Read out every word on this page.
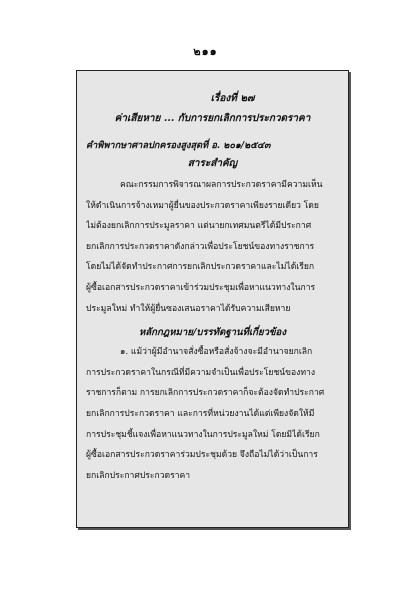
๒๑๑
เรื่องที่ ๒๗
ค่าเสียหาย ... กับการยกเลิกการประกวดราคา
คำพิพากษาศาลปกครองสูงสุดที่ อ. ๒๐๑/๒๕๔๓
สาระสำคัญ
คณะกรรมการพิจารณาผลการประกวดราคามีความเห็น
ให้ดำเนินการจ้างเหมาผู้ยื่นของประกวดราคาเพียงรายเดียว โดย
ไม่ต้องยกเลิกการประมูลราคา แต่นายกเทศมนตรีได้มีประกาศ
ยกเลิกการประกวดราคาดังกล่าวเพื่อประโยชน์ของทางราชการ
โดยไม่ได้จัดทำประกาศการยกเลิกประกวดราคาและไม่ได้เรียก
ผู้ซื้อเอกสารประกวดราคาเข้าร่วมประชุมเพื่อหาแนวทางในการ
ประมูลใหม่ ทำให้ผู้ยื่นซองเสนอราคาได้รับความเสียหาย
หลักกฎหมาย/บรรทัดฐานที่เกี่ยวข้อง
๑. แม้ว่าผู้มีอำนาจสั่งซื้อหรือสั่งจ้างจะมีอำนาจยกเลิก
การประกวดราคาในกรณีที่มีความจำเป็นเพื่อประโยชน์ของทาง
ราชการก็ตาม การยกเลิกการประกวดราคาก็จะต้องจัดทำประกาศ
ยกเลิกการประกวดราคา และการที่หน่วยงานได้แต่เพียงจัดให้มี
การประชุมชี้แจงเพื่อหาแนวทางในการประมูลใหม่ โดยมิได้เรียก
ผู้ซื้อเอกสารประกวดราคาร่วมประชุมด้วย จึงถือไม่ได้ว่าเป็นการ
ยกเลิกประกาศประกวดราคา
